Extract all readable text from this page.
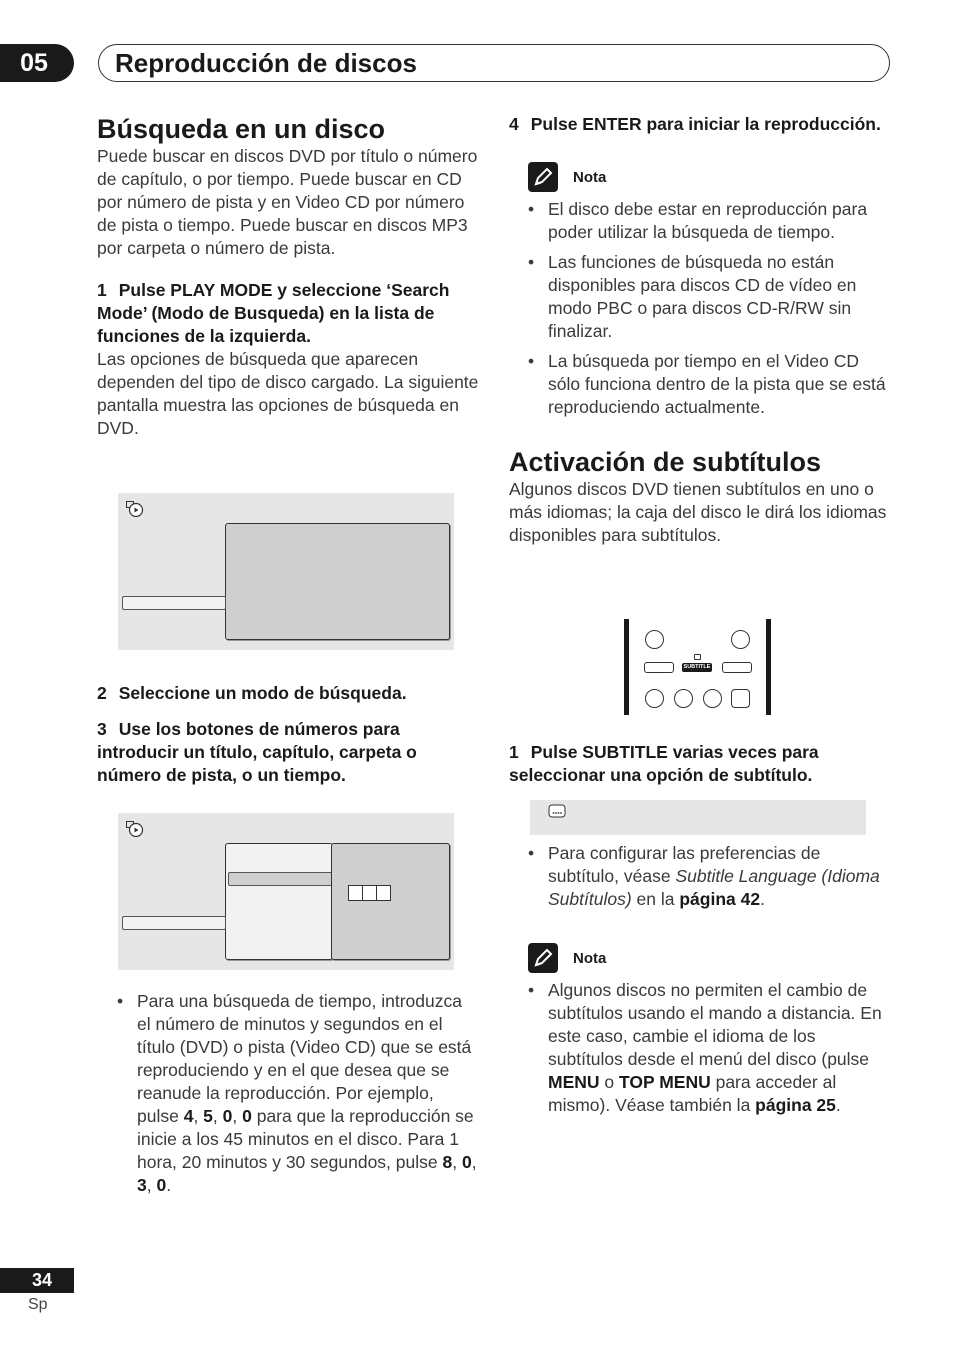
05	Reproducción de discos
Búsqueda en un disco
Puede buscar en discos DVD por título o número de capítulo, o por tiempo. Puede buscar en CD por número de pista y en Video CD por número de pista o tiempo. Puede buscar en discos MP3 por carpeta o número de pista.
1 Pulse PLAY MODE y seleccione ‘Search Mode’ (Modo de Busqueda) en la lista de funciones de la izquierda.
Las opciones de búsqueda que aparecen dependen del tipo de disco cargado. La siguiente pantalla muestra las opciones de búsqueda en DVD.
2 Seleccione un modo de búsqueda.
3 Use los botones de números para introducir un título, capítulo, carpeta o número de pista, o un tiempo.
• Para una búsqueda de tiempo, introduzca el número de minutos y segundos en el título (DVD) o pista (Video CD) que se está reproduciendo y en el que desea que se reanude la reproducción. Por ejemplo, pulse 4, 5, 0, 0 para que la reproducción se inicie a los 45 minutos en el disco. Para 1 hora, 20 minutos y 30 segundos, pulse 8, 0, 3, 0.
4 Pulse ENTER para iniciar la reproducción.
Nota
• El disco debe estar en reproducción para poder utilizar la búsqueda de tiempo.
• Las funciones de búsqueda no están disponibles para discos CD de vídeo en modo PBC o para discos CD-R/RW sin finalizar.
• La búsqueda por tiempo en el Video CD sólo funciona dentro de la pista que se está reproduciendo actualmente.
Activación de subtítulos
Algunos discos DVD tienen subtítulos en uno o más idiomas; la caja del disco le dirá los idiomas disponibles para subtítulos.
SUBTITLE
1 Pulse SUBTITLE varias veces para seleccionar una opción de subtítulo.
• Para configurar las preferencias de subtítulo, véase Subtitle Language (Idioma Subtítulos) en la página 42.
Nota
• Algunos discos no permiten el cambio de subtítulos usando el mando a distancia. En este caso, cambie el idioma de los subtítulos desde el menú del disco (pulse MENU o TOP MENU para acceder al mismo). Véase también la página 25.
34
Sp
